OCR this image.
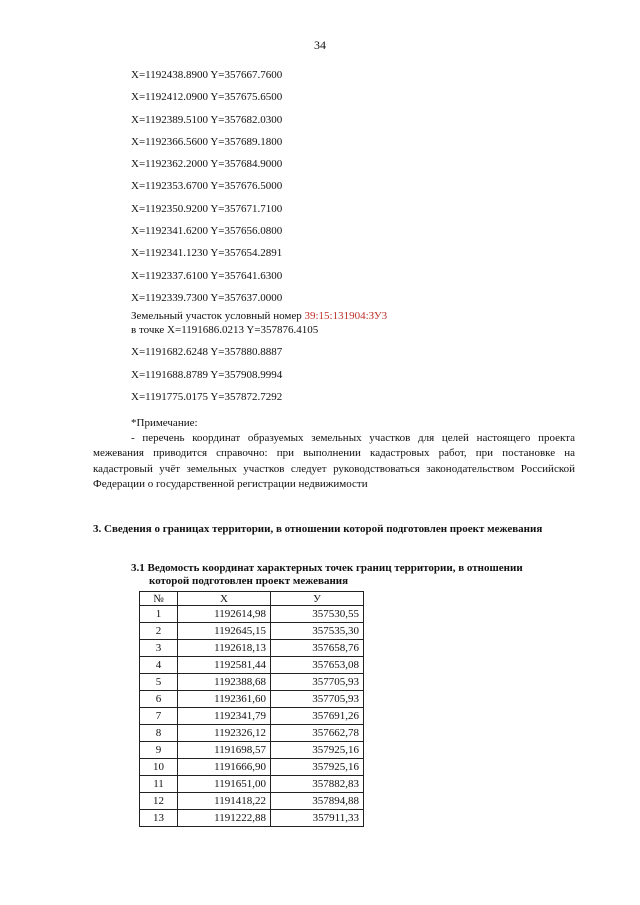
34
X=1192438.8900 Y=357667.7600
X=1192412.0900 Y=357675.6500
X=1192389.5100 Y=357682.0300
X=1192366.5600 Y=357689.1800
X=1192362.2000 Y=357684.9000
X=1192353.6700 Y=357676.5000
X=1192350.9200 Y=357671.7100
X=1192341.6200 Y=357656.0800
X=1192341.1230 Y=357654.2891
X=1192337.6100 Y=357641.6300
X=1192339.7300 Y=357637.0000
Земельный участок условный номер 39:15:131904:ЗУ3
в точке X=1191686.0213 Y=357876.4105
X=1191682.6248 Y=357880.8887
X=1191688.8789 Y=357908.9994
X=1191775.0175 Y=357872.7292
*Примечание:
- перечень координат образуемых земельных участков для целей настоящего проекта межевания приводится справочно: при выполнении кадастровых работ, при постановке на кадастровый учёт земельных участков следует руководствоваться законодательством Российской Федерации о государственной регистрации недвижимости
3. Сведения о границах территории, в отношении которой подготовлен проект межевания
3.1 Ведомость координат характерных точек границ территории, в отношении
которой подготовлен проект межевания
№	Х	У
1	1192614,98	357530,55
2	1192645,15	357535,30
3	1192618,13	357658,76
4	1192581,44	357653,08
5	1192388,68	357705,93
6	1192361,60	357705,93
7	1192341,79	357691,26
8	1192326,12	357662,78
9	1191698,57	357925,16
10	1191666,90	357925,16
11	1191651,00	357882,83
12	1191418,22	357894,88
13	1191222,88	357911,33
